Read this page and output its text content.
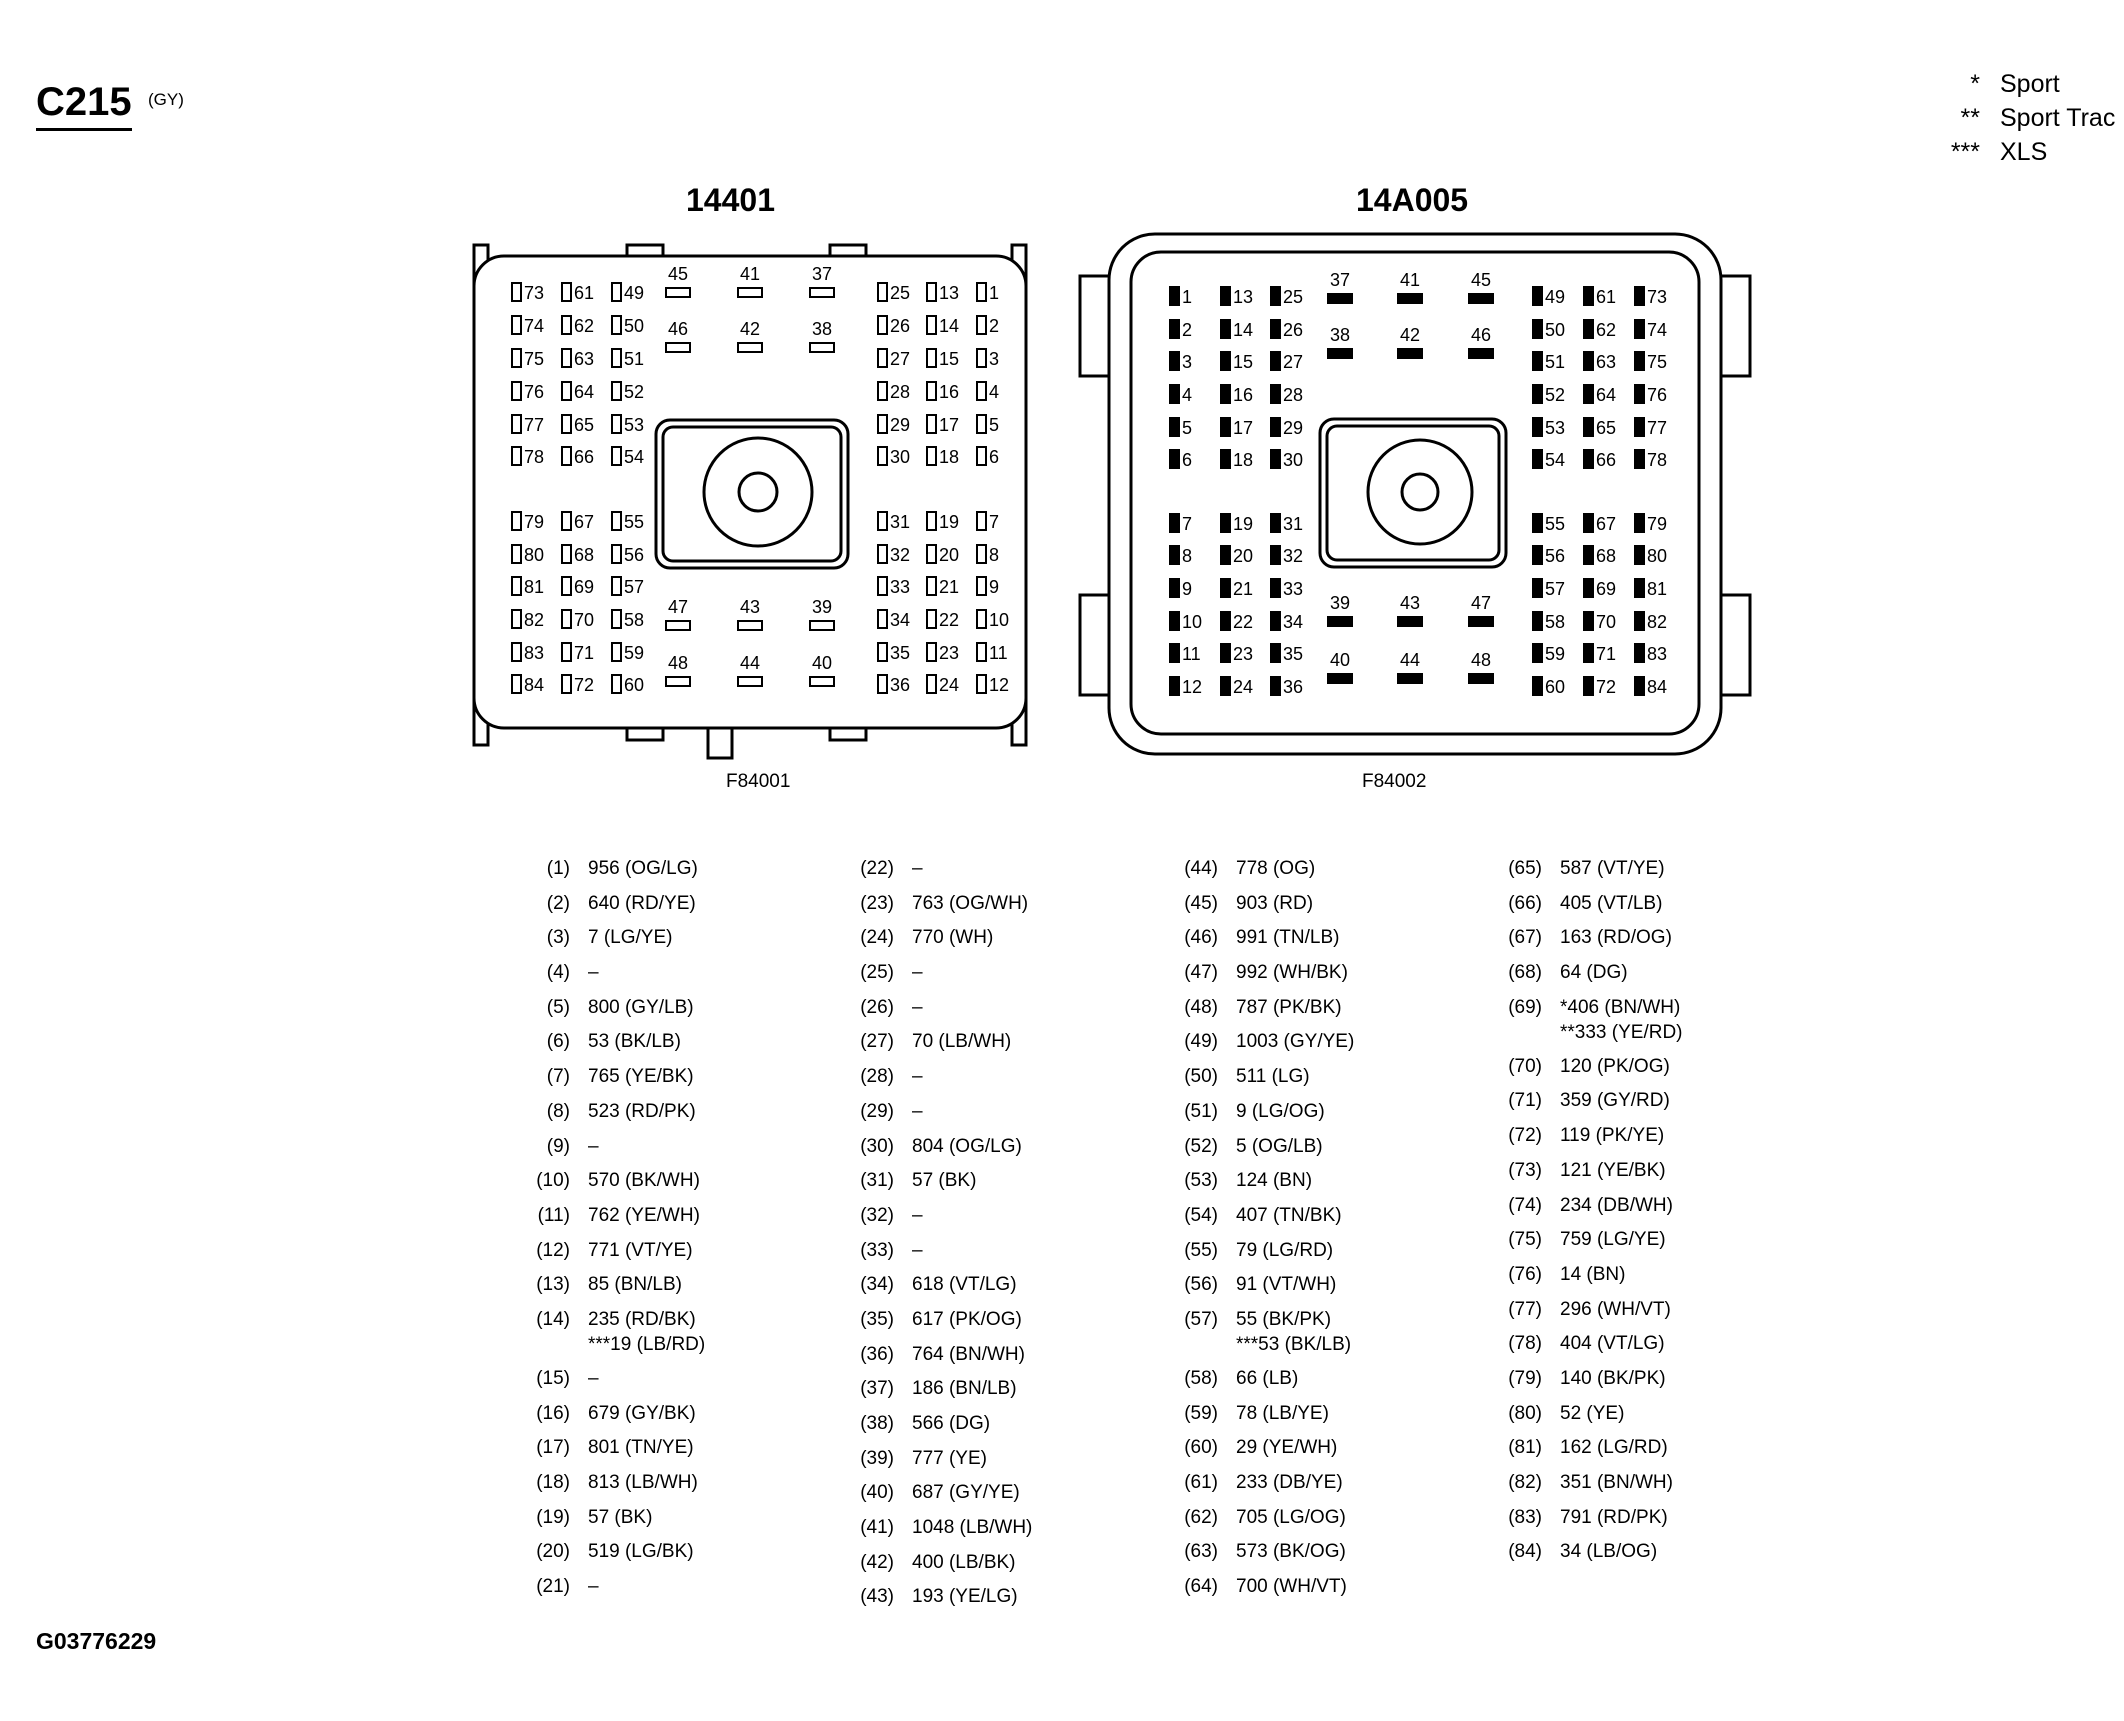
C215 (GY)
* Sport
** Sport Trac
*** XLS
14401	14A005
73 61 49	25 13 1
74 62 50	26 14 2
75 63 51	27 15 3
76 64 52	28 16 4
77 65 53	29 17 5
78 66 54	30 18 6
79 67 55	31 19 7
80 68 56	32 20 8
81 69 57	33 21 9
82 70 58	34 22 10
83 71 59	35 23 11
84 72 60	36 24 12
45	41	37
46	42	38
47	43	39
48	44	40
F84001
1 13 25	49 61 73
2 14 26	50 62 74
3 15 27	51 63 75
4 16 28	52 64 76
5 17 29	53 65 77
6 18 30	54 66 78
7 19 31	55 67 79
8 20 32	56 68 80
9 21 33	57 69 81
10 22 34	58 70 82
11 23 35	59 71 83
12 24 36	60 72 84
37	41	45
38	42	46
39	43	47
40	44	48
F84002
(1) 956 (OG/LG)
(2) 640 (RD/YE)
(3) 7 (LG/YE)
(4) –
(5) 800 (GY/LB)
(6) 53 (BK/LB)
(7) 765 (YE/BK)
(8) 523 (RD/PK)
(9) –
(10) 570 (BK/WH)
(11) 762 (YE/WH)
(12) 771 (VT/YE)
(13) 85 (BN/LB)
(14) 235 (RD/BK)
***19 (LB/RD)
(15) –
(16) 679 (GY/BK)
(17) 801 (TN/YE)
(18) 813 (LB/WH)
(19) 57 (BK)
(20) 519 (LG/BK)
(21) –
(22) –
(23) 763 (OG/WH)
(24) 770 (WH)
(25) –
(26) –
(27) 70 (LB/WH)
(28) –
(29) –
(30) 804 (OG/LG)
(31) 57 (BK)
(32) –
(33) –
(34) 618 (VT/LG)
(35) 617 (PK/OG)
(36) 764 (BN/WH)
(37) 186 (BN/LB)
(38) 566 (DG)
(39) 777 (YE)
(40) 687 (GY/YE)
(41) 1048 (LB/WH)
(42) 400 (LB/BK)
(43) 193 (YE/LG)
(44) 778 (OG)
(45) 903 (RD)
(46) 991 (TN/LB)
(47) 992 (WH/BK)
(48) 787 (PK/BK)
(49) 1003 (GY/YE)
(50) 511 (LG)
(51) 9 (LG/OG)
(52) 5 (OG/LB)
(53) 124 (BN)
(54) 407 (TN/BK)
(55) 79 (LG/RD)
(56) 91 (VT/WH)
(57) 55 (BK/PK)
***53 (BK/LB)
(58) 66 (LB)
(59) 78 (LB/YE)
(60) 29 (YE/WH)
(61) 233 (DB/YE)
(62) 705 (LG/OG)
(63) 573 (BK/OG)
(64) 700 (WH/VT)
(65) 587 (VT/YE)
(66) 405 (VT/LB)
(67) 163 (RD/OG)
(68) 64 (DG)
(69) *406 (BN/WH)
**333 (YE/RD)
(70) 120 (PK/OG)
(71) 359 (GY/RD)
(72) 119 (PK/YE)
(73) 121 (YE/BK)
(74) 234 (DB/WH)
(75) 759 (LG/YE)
(76) 14 (BN)
(77) 296 (WH/VT)
(78) 404 (VT/LG)
(79) 140 (BK/PK)
(80) 52 (YE)
(81) 162 (LG/RD)
(82) 351 (BN/WH)
(83) 791 (RD/PK)
(84) 34 (LB/OG)
G03776229
